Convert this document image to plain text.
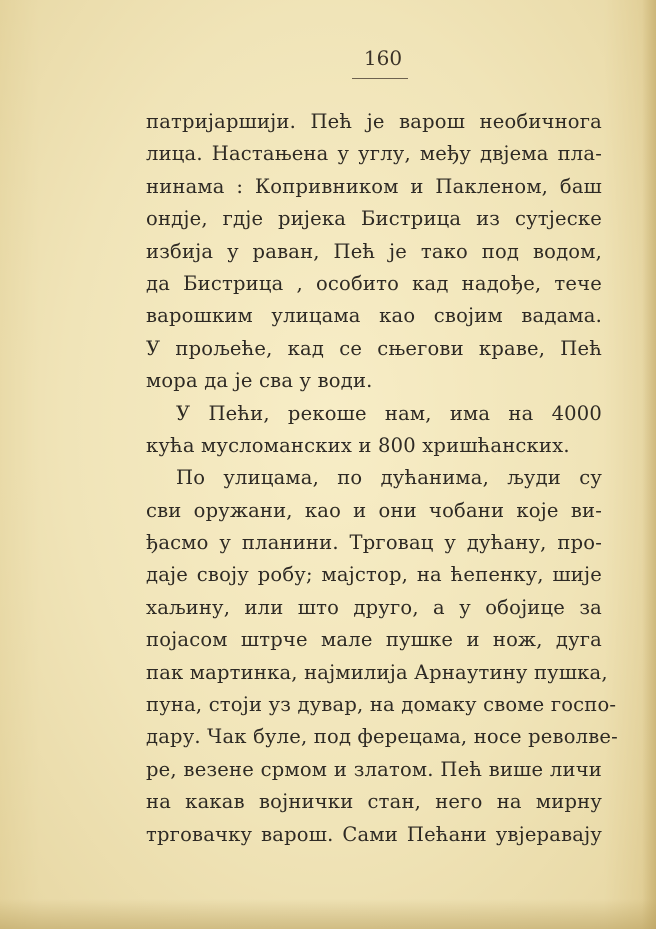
160
патријаршији. Пећ је варош необичнога
лица. Настањена у углу, међу двјема пла-
нинама : Копривником и Пакленом, баш
ондје, гдје ријека Бистрица из сутјеске
избија у раван, Пећ је тако под водом,
да Бистрица , особито кад надође, тече
варошким улицама као својим вадама.
У прољеће, кад се сњегови краве, Пећ
мора да је сва у води.
У Пећи, рекоше нам, има на 4000
кућа мусломанских и 800 хришћанских.
По улицама, по дућанима, људи су
сви оружани, као и они чобани које ви-
ђасмо у планини. Трговац у дућану, про-
даје своју робу; мајстор, на ћепенку, шије
хаљину, или што друго, а у обојице за
појасом штрче мале пушке и нож, дуга
пак мартинка, најмилија Арнаутину пушка,
пуна, стоји уз дувар, на домаку своме госпо-
дару. Чак буле, под ферецама, носе револве-
ре, везене срмом и златом. Пећ више личи
на какав војнички стан, него на мирну
трговачку варош. Сами Пећани увјеравају
